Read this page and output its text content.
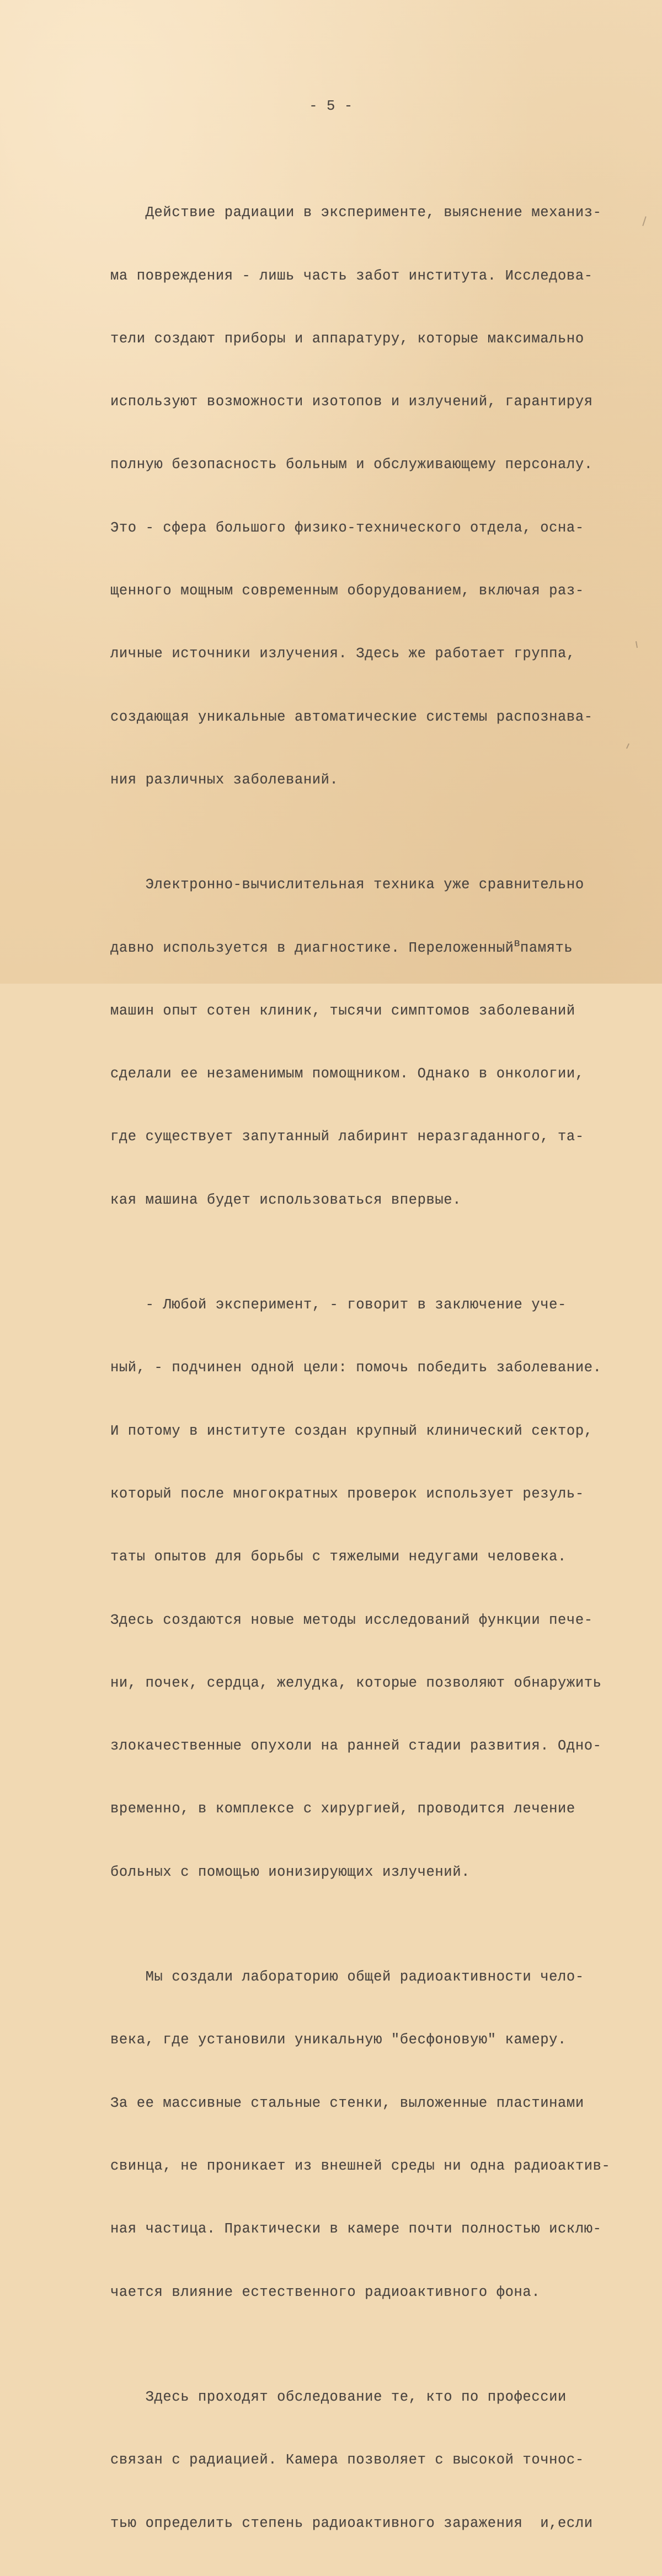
- 5 -

Действие радиации в эксперименте, выяснение механиз-

ма повреждения - лишь часть забот института. Исследова-

тели создают приборы и аппаратуру, которые максимально

используют возможности изотопов и излучений, гарантируя

полную безопасность больным и обслуживающему персоналу.

Это - сфера большого физико-технического отдела, осна-

щенного мощным современным оборудованием, включая раз-

личные источники излучения. Здесь же работает группа,

создающая уникальные автоматические системы распознава-

ния различных заболеваний.

Электронно-вычислительная техника уже сравнительно

давно используется в диагностике. Переложенный$^в$память

машин опыт сотен клиник, тысячи симптомов заболеваний

сделали ее незаменимым помощником. Однако в онкологии,

где существует запутанный лабиринт неразгаданного, та-

кая машина будет использоваться впервые.

- Любой эксперимент, - говорит в заключение уче-

ный, - подчинен одной цели: помочь победить заболевание.

И потому в институте создан крупный клинический сектор,

который после многократных проверок использует резуль-

таты опытов для борьбы с тяжелыми недугами человека.

Здесь создаются новые методы исследований функции пече-

ни, почек, сердца, желудка, которые позволяют обнаружить

злокачественные опухоли на ранней стадии развития. Одно-

временно, в комплексе с хирургией, проводится лечение

больных с помощью ионизирующих излучений.

Мы создали лабораторию общей радиоактивности чело-

века, где установили уникальную "бесфоновую" камеру.

За ее массивные стальные стенки, выложенные пластинами

свинца, не проникает из внешней среды ни одна радиоактив-

ная частица. Практически в камере почти полностью исклю-

чается влияние естественного радиоактивного фона.

Здесь проходят обследование те, кто по профессии

связан с радиацией. Камера позволяет с высокой точнос-

тью определить степень радиоактивного заражения  и,если
